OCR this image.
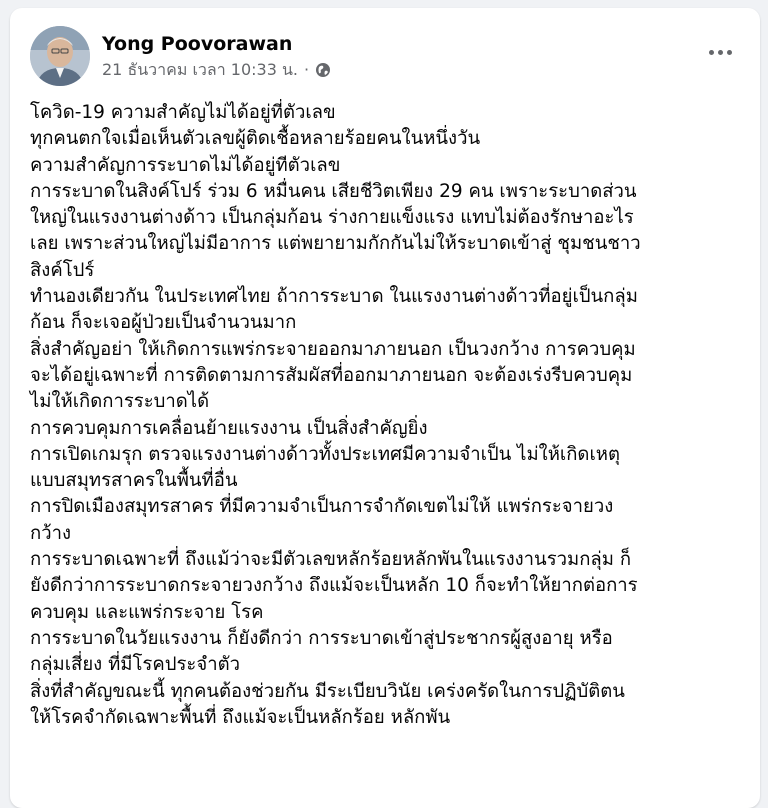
Yong Poovorawan
21 ธันวาคม เวลา 10:33 น. ·

โควิด-19 ความสำคัญไม่ได้อยู่ที่ตัวเลข

ทุกคนตกใจเมื่อเห็นตัวเลขผู้ติดเชื้อหลายร้อยคนในหนึ่งวัน

ความสำคัญการระบาดไม่ได้อยู่ทีตัวเลข

การระบาดในสิงค์โปร์ ร่วม 6 หมื่นคน เสียชีวิตเพียง 29 คน เพราะระบาดส่วน

ใหญ่ในแรงงานต่างด้าว เป็นกลุ่มก้อน ร่างกายแข็งแรง แทบไม่ต้องรักษาอะไร

เลย เพราะส่วนใหญ่ไม่มีอาการ แต่พยายามกักกันไม่ให้ระบาดเข้าสู่ ชุมชนชาว

สิงค์โปร์

ทำนองเดียวกัน ในประเทศไทย ถ้าการระบาด ในแรงงานต่างด้าวที่อยู่เป็นกลุ่ม

ก้อน ก็จะเจอผู้ป่วยเป็นจำนวนมาก

สิ่งสำคัญอย่า ให้เกิดการแพร่กระจายออกมาภายนอก เป็นวงกว้าง การควบคุม

จะได้อยู่เฉพาะที่ การติดตามการสัมผัสที่ออกมาภายนอก จะต้องเร่งรีบควบคุม

ไม่ให้เกิดการระบาดได้

การควบคุมการเคลื่อนย้ายแรงงาน เป็นสิ่งสำคัญยิ่ง

การเปิดเกมรุก ตรวจแรงงานต่างด้าวทั้งประเทศมีความจำเป็น ไม่ให้เกิดเหตุ

แบบสมุทรสาครในพื้นที่อื่น

การปิดเมืองสมุทรสาคร ที่มีความจำเป็นการจำกัดเขตไม่ให้ แพร่กระจายวง

กว้าง

การระบาดเฉพาะที่ ถึงแม้ว่าจะมีตัวเลขหลักร้อยหลักพันในแรงงานรวมกลุ่ม ก็

ยังดีกว่าการระบาดกระจายวงกว้าง ถึงแม้จะเป็นหลัก 10 ก็จะทำให้ยากต่อการ

ควบคุม และแพร่กระจาย โรค

การระบาดในวัยแรงงาน ก็ยังดีกว่า การระบาดเข้าสู่ประชากรผู้สูงอายุ หรือ

กลุ่มเสี่ยง ที่มีโรคประจำตัว

สิ่งที่สำคัญขณะนี้ ทุกคนต้องช่วยกัน มีระเบียบวินัย เคร่งครัดในการปฏิบัติตน

ให้โรคจำกัดเฉพาะพื้นที่ ถึงแม้จะเป็นหลักร้อย หลักพัน
